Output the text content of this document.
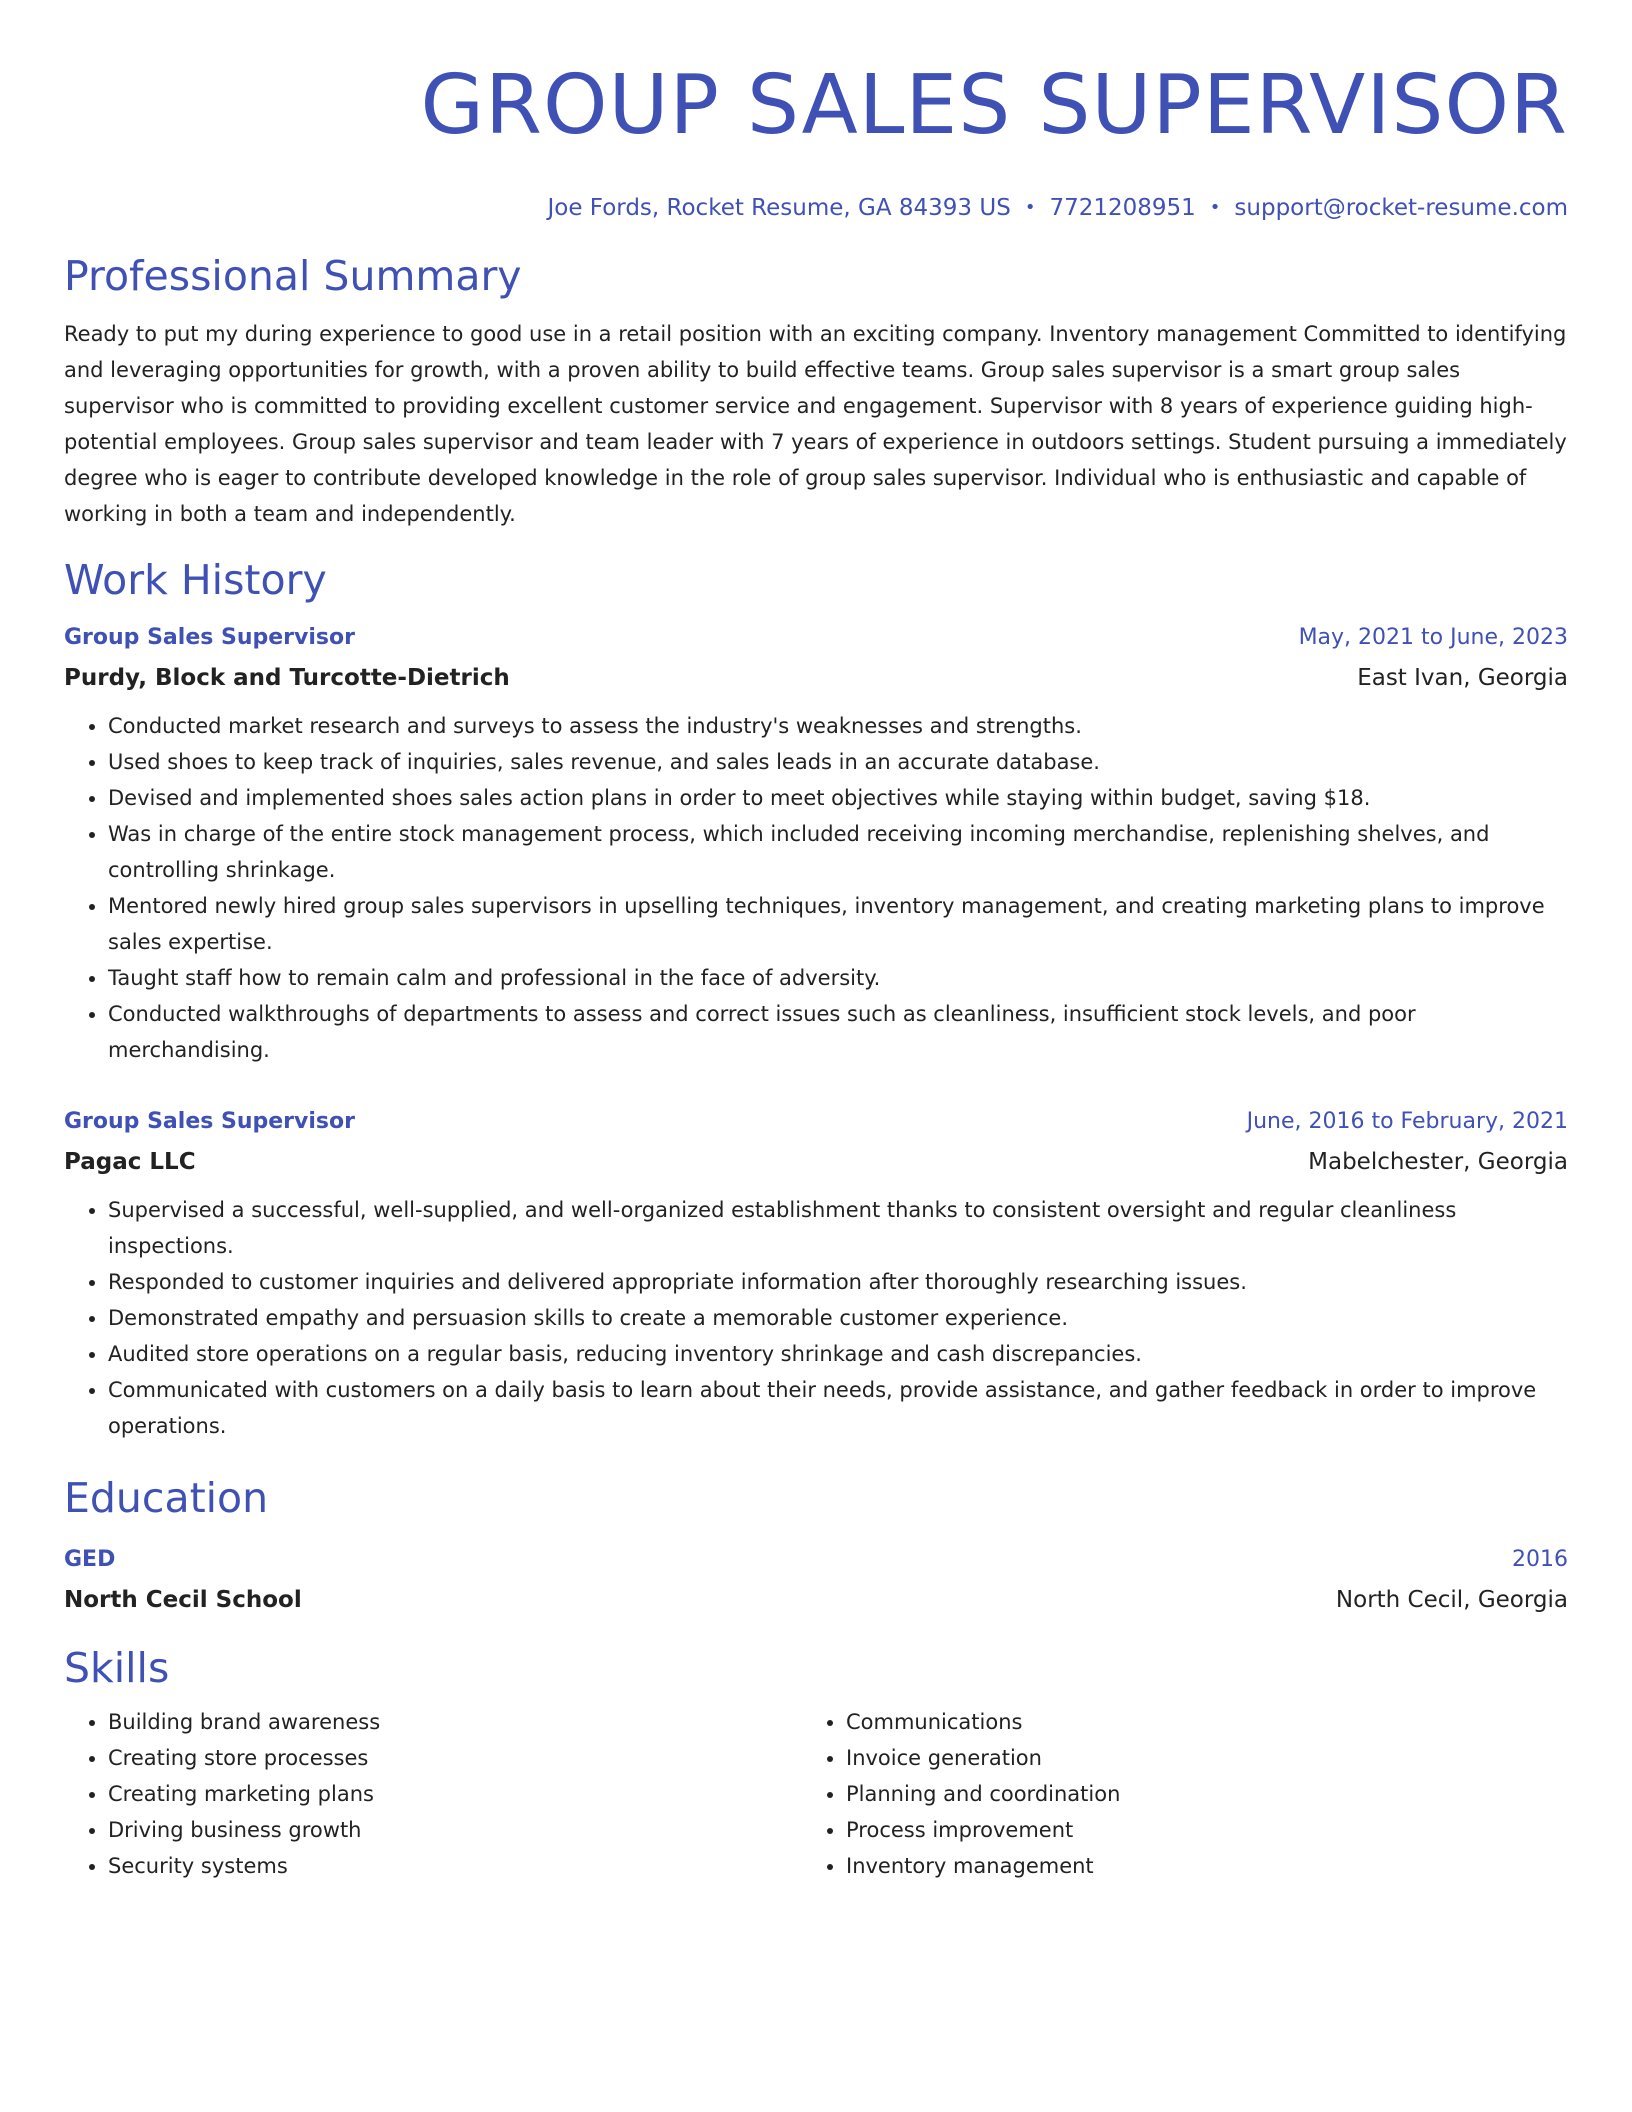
GROUP SALES SUPERVISOR
Joe Fords, Rocket Resume, GA 84393 US • 7721208951 • support@rocket-resume.com
Professional Summary

Ready to put my during experience to good use in a retail position with an exciting company. Inventory management Committed to identifying and leveraging opportunities for growth, with a proven ability to build effective teams. Group sales supervisor is a smart group sales supervisor who is committed to providing excellent customer service and engagement. Supervisor with 8 years of experience guiding high-potential employees. Group sales supervisor and team leader with 7 years of experience in outdoors settings. Student pursuing a immediately degree who is eager to contribute developed knowledge in the role of group sales supervisor. Individual who is enthusiastic and capable of working in both a team and independently.

Work History
Group Sales Supervisor	May, 2021 to June, 2023
Purdy, Block and Turcotte-Dietrich	East Ivan, Georgia
• Conducted market research and surveys to assess the industry's weaknesses and strengths.
• Used shoes to keep track of inquiries, sales revenue, and sales leads in an accurate database.
• Devised and implemented shoes sales action plans in order to meet objectives while staying within budget, saving $18.
• Was in charge of the entire stock management process, which included receiving incoming merchandise, replenishing shelves, and controlling shrinkage.
• Mentored newly hired group sales supervisors in upselling techniques, inventory management, and creating marketing plans to improve sales expertise.
• Taught staff how to remain calm and professional in the face of adversity.
• Conducted walkthroughs of departments to assess and correct issues such as cleanliness, insufficient stock levels, and poor merchandising.
Group Sales Supervisor	June, 2016 to February, 2021
Pagac LLC	Mabelchester, Georgia
• Supervised a successful, well-supplied, and well-organized establishment thanks to consistent oversight and regular cleanliness inspections.
• Responded to customer inquiries and delivered appropriate information after thoroughly researching issues.
• Demonstrated empathy and persuasion skills to create a memorable customer experience.
• Audited store operations on a regular basis, reducing inventory shrinkage and cash discrepancies.
• Communicated with customers on a daily basis to learn about their needs, provide assistance, and gather feedback in order to improve operations.
Education
GED	2016
North Cecil School	North Cecil, Georgia
Skills
• Building brand awareness
• Creating store processes
• Creating marketing plans
• Driving business growth
• Security systems
• Communications
• Invoice generation
• Planning and coordination
• Process improvement
• Inventory management
